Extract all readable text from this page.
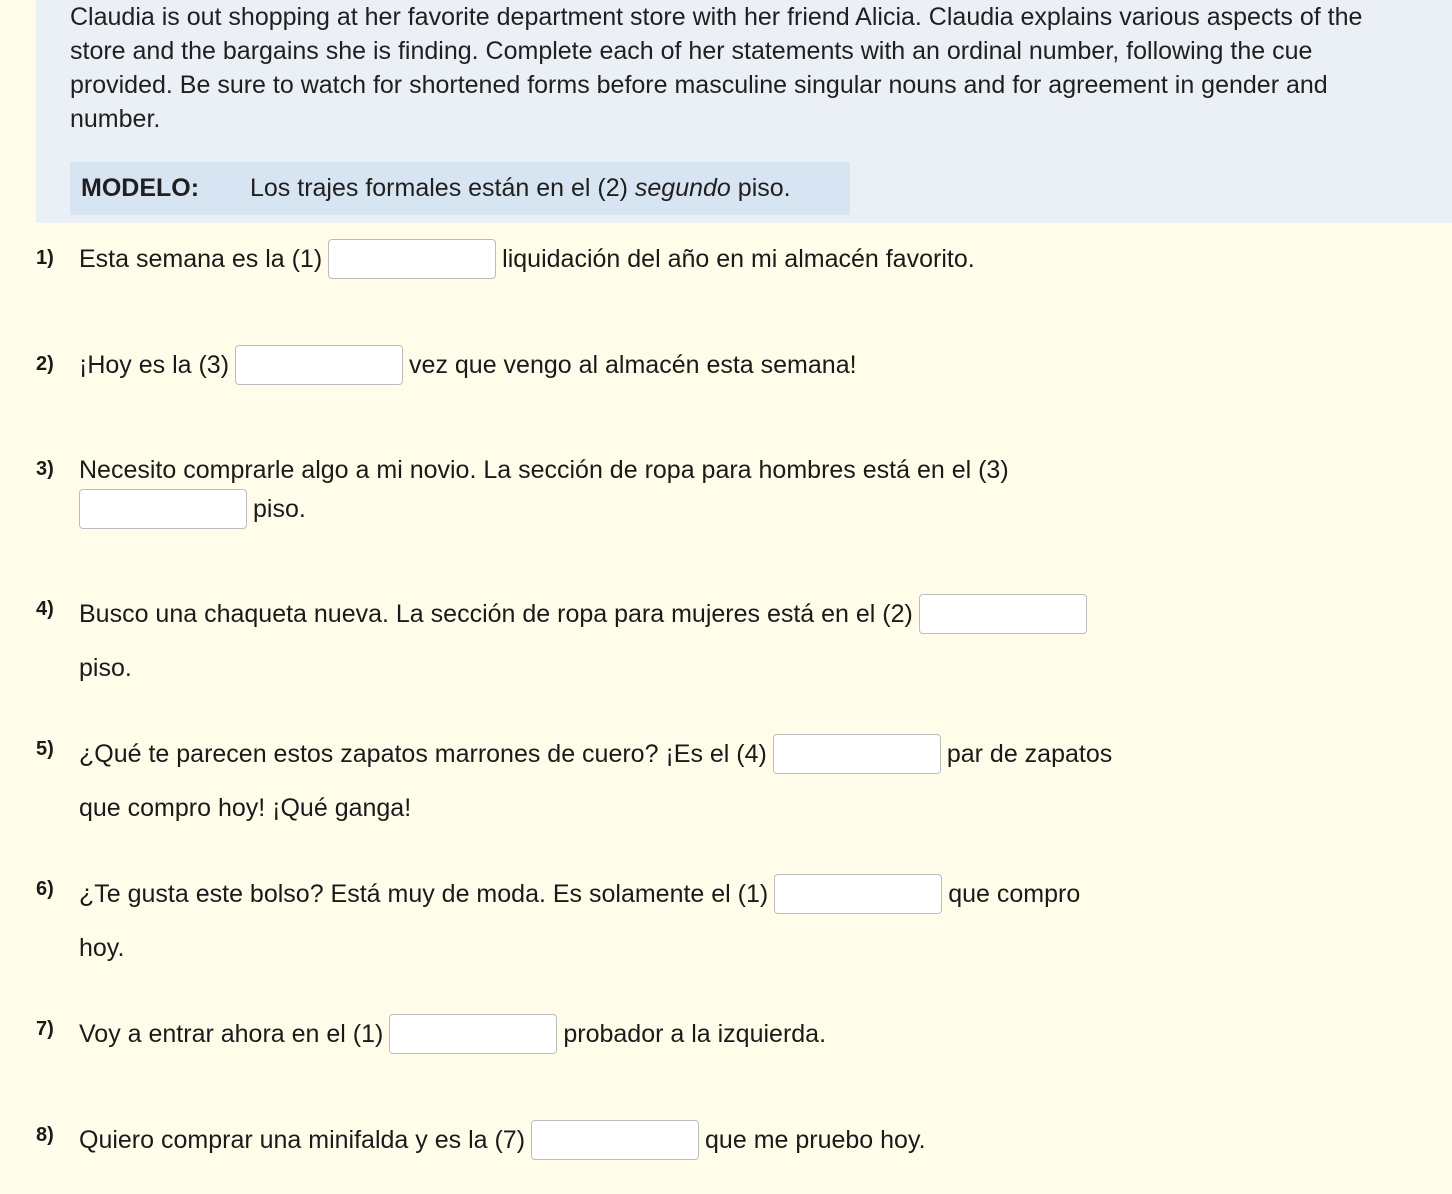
Claudia is out shopping at her favorite department store with her friend Alicia. Claudia explains various aspects of the store and the bargains she is finding. Complete each of her statements with an ordinal number, following the cue provided. Be sure to watch for shortened forms before masculine singular nouns and for agreement in gender and number.

MODELO: Los trajes formales están en el (2) segundo piso.
1) Esta semana es la (1)	liquidación del año en mi almacén favorito.
2) ¡Hoy es la (3)	vez que vengo al almacén esta semana!
3) Necesito comprarle algo a mi novio. La sección de ropa para hombres está en el (3)
piso.
4) Busco una chaqueta nueva. La sección de ropa para mujeres está en el (2)
piso.
5) ¿Qué te parecen estos zapatos marrones de cuero? ¡Es el (4)	par de zapatos
que compro hoy! ¡Qué ganga!
6) ¿Te gusta este bolso? Está muy de moda. Es solamente el (1)	que compro
hoy.
7) Voy a entrar ahora en el (1)	probador a la izquierda.
8) Quiero comprar una minifalda y es la (7)	que me pruebo hoy.
